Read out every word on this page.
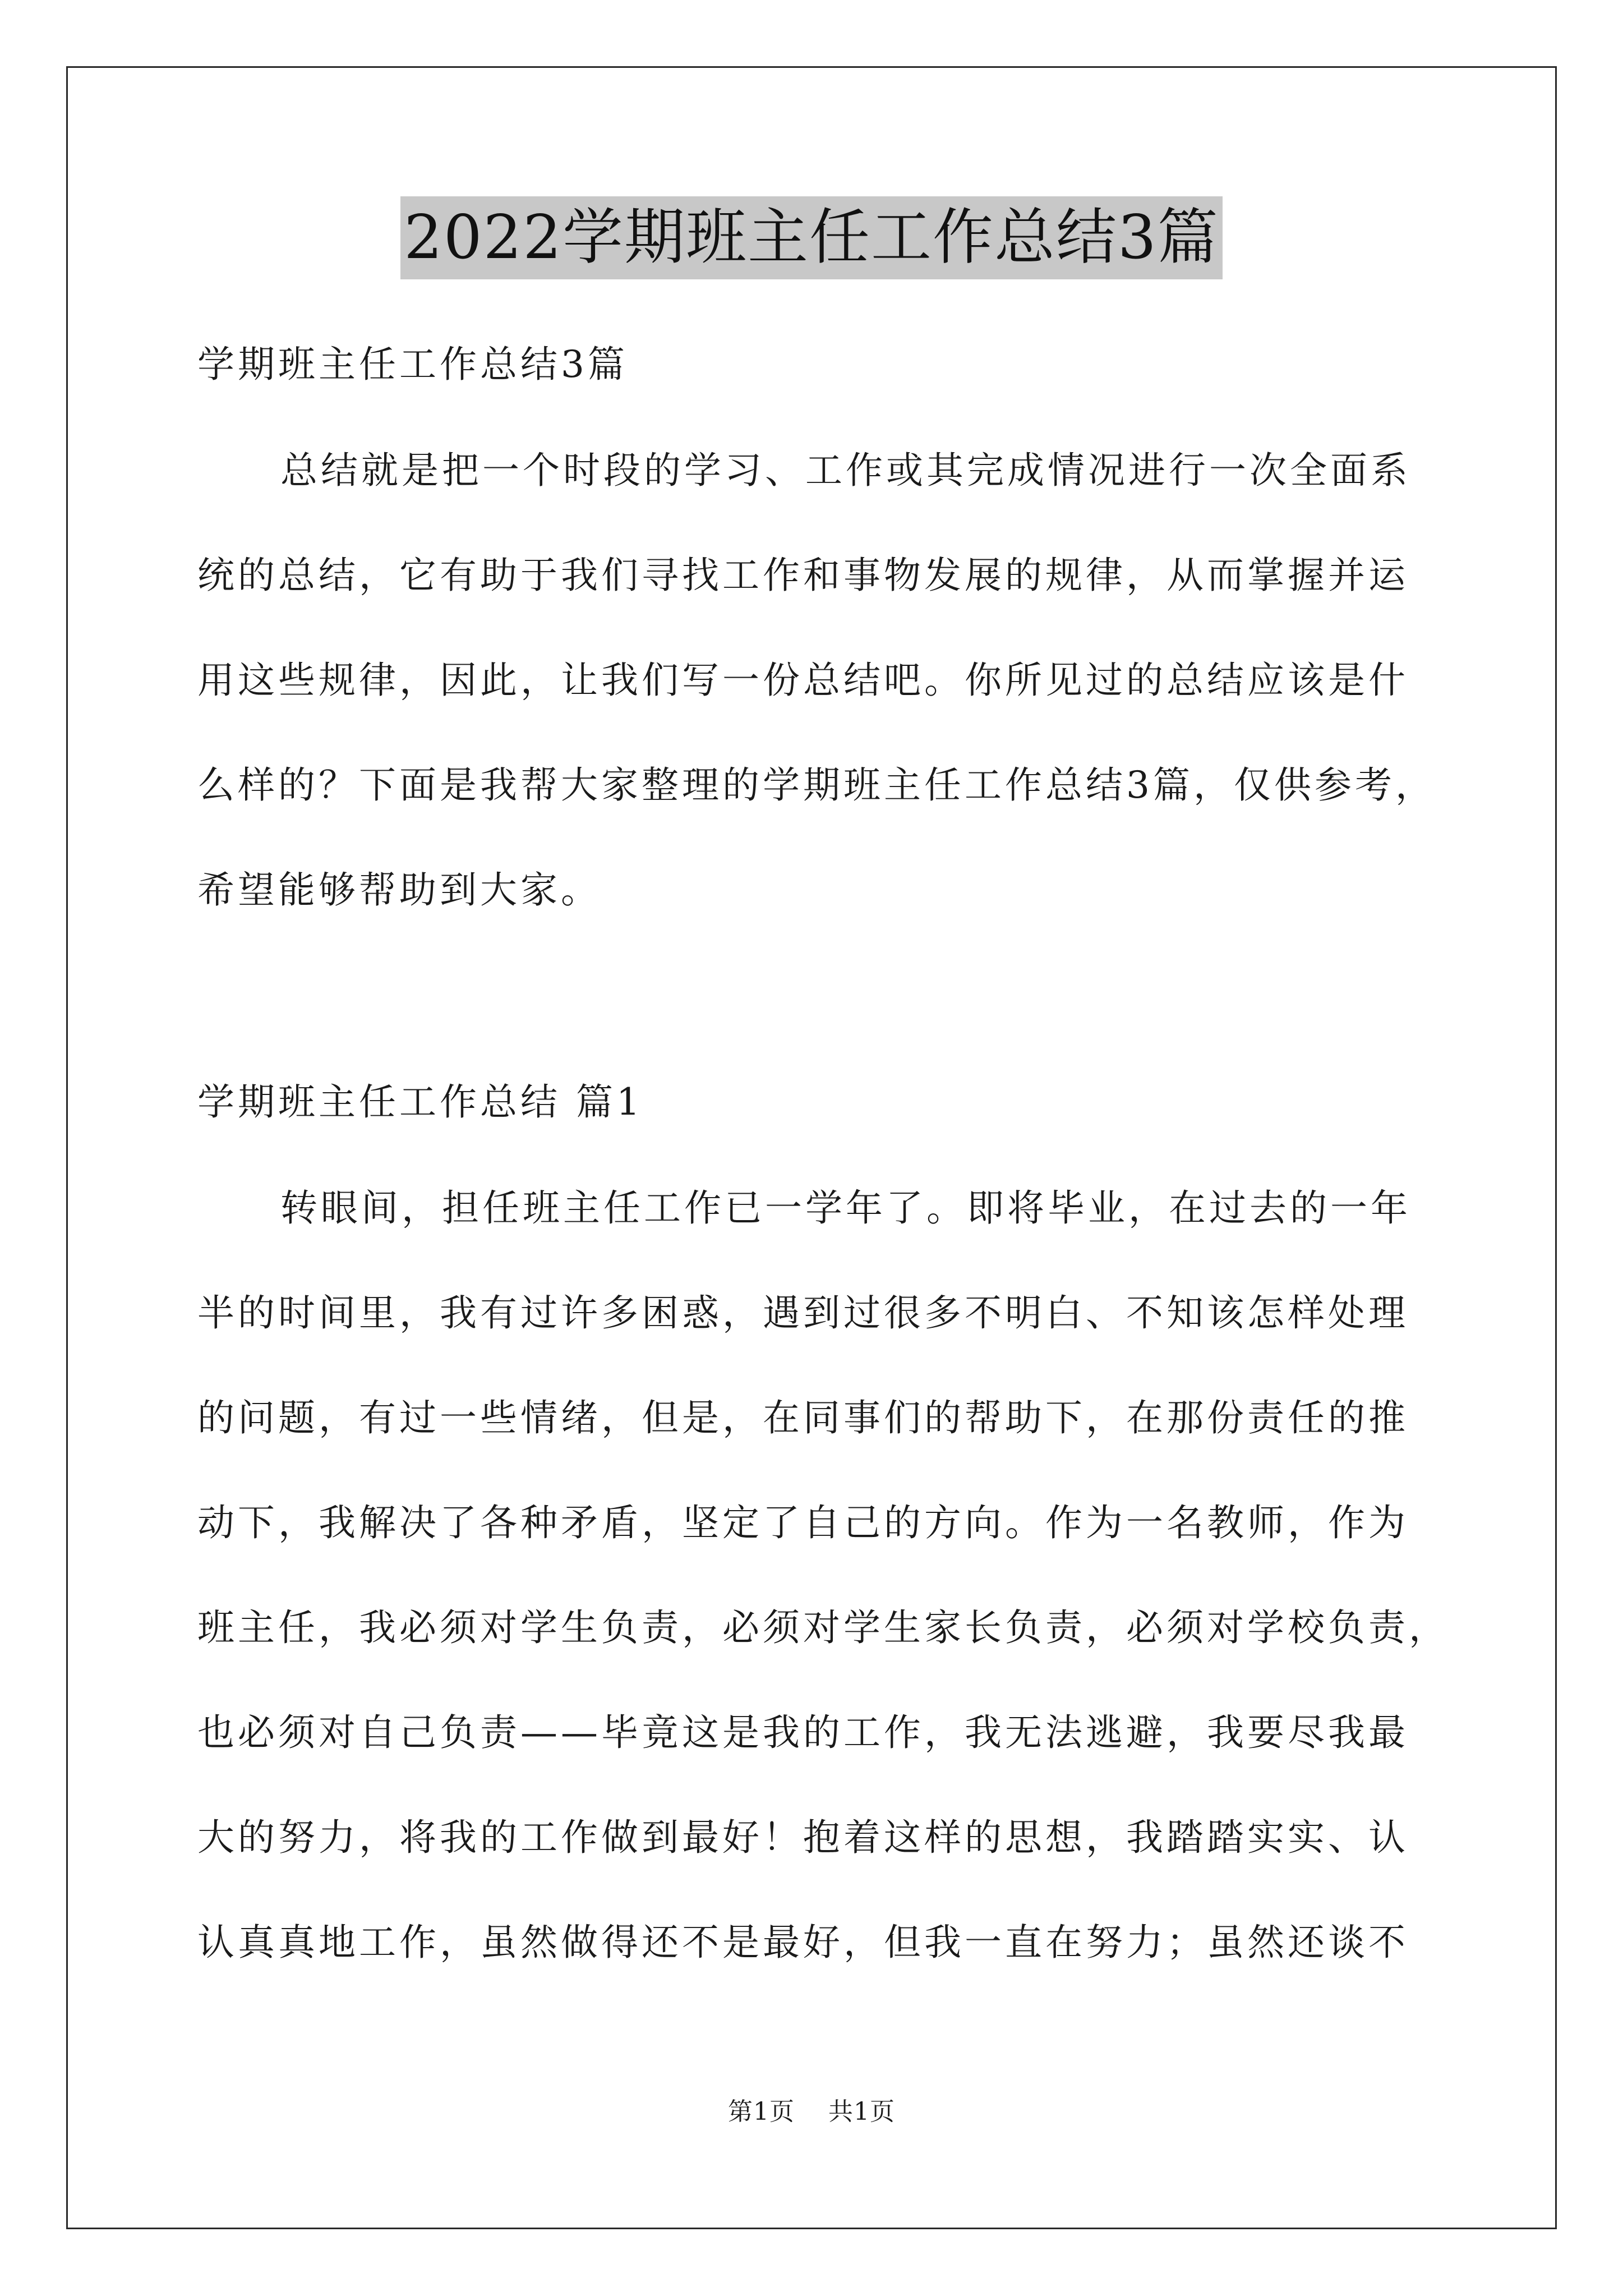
2022学期班主任工作总结3篇

学期班主任工作总结3篇

总结就是把一个时段的学习、工作或其完成情况进行一次全面系

统的总结，它有助于我们寻找工作和事物发展的规律，从而掌握并运

用这些规律，因此，让我们写一份总结吧。你所见过的总结应该是什

么样的？下面是我帮大家整理的学期班主任工作总结3篇，仅供参考，

希望能够帮助到大家。

学期班主任工作总结 篇1

转眼间，担任班主任工作已一学年了。即将毕业，在过去的一年

半的时间里，我有过许多困惑，遇到过很多不明白、不知该怎样处理

的问题，有过一些情绪，但是，在同事们的帮助下，在那份责任的推

动下，我解决了各种矛盾，坚定了自己的方向。作为一名教师，作为

班主任，我必须对学生负责，必须对学生家长负责，必须对学校负责，

也必须对自己负责——毕竟这是我的工作，我无法逃避，我要尽我最

大的努力，将我的工作做到最好！抱着这样的思想，我踏踏实实、认

认真真地工作，虽然做得还不是最好，但我一直在努力；虽然还谈不

第1页 共1页
